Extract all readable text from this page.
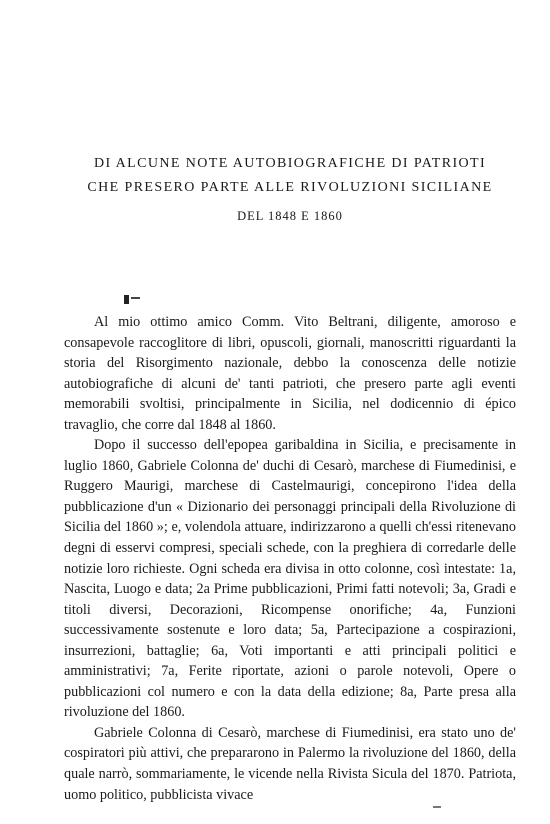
DI ALCUNE NOTE AUTOBIOGRAFICHE DI PATRIOTI
CHE PRESERO PARTE ALLE RIVOLUZIONI SICILIANE
DEL 1848 E 1860

Al mio ottimo amico Comm. Vito Beltrani, diligente, amoroso e consapevole raccoglitore di libri, opuscoli, giornali, manoscritti riguardanti la storia del Risorgimento nazionale, debbo la conoscenza delle notizie autobiografiche di alcuni de' tanti patrioti, che presero parte agli eventi memorabili svoltisi, principalmente in Sicilia, nel dodicennio di épico travaglio, che corre dal 1848 al 1860.

Dopo il successo dell'epopea garibaldina in Sicilia, e precisamente in luglio 1860, Gabriele Colonna de' duchi di Cesarò, marchese di Fiumedinisi, e Ruggero Maurigi, marchese di Castelmaurigi, concepirono l'idea della pubblicazione d'un « Dizionario dei personaggi principali della Rivoluzione di Sicilia del 1860 »; e, volendola attuare, indirizzarono a quelli ch'essi ritenevano degni di esservi compresi, speciali schede, con la preghiera di corredarle delle notizie loro richieste. Ogni scheda era divisa in otto colonne, così intestate: 1a, Nascita, Luogo e data; 2a Prime pubblicazioni, Primi fatti notevoli; 3a, Gradi e titoli diversi, Decorazioni, Ricompense onorifiche; 4a, Funzioni successivamente sostenute e loro data; 5a, Partecipazione a cospirazioni, insurrezioni, battaglie; 6a, Voti importanti e atti principali politici e amministrativi; 7a, Ferite riportate, azioni o parole notevoli, Opere o pubblicazioni col numero e con la data della edizione; 8a, Parte presa alla rivoluzione del 1860.

Gabriele Colonna di Cesarò, marchese di Fiumedinisi, era stato uno de' cospiratori più attivi, che prepararono in Palermo la rivoluzione del 1860, della quale narrò, sommariamente, le vicende nella Rivista Sicula del 1870. Patriota, uomo politico, pubblicista vivace
